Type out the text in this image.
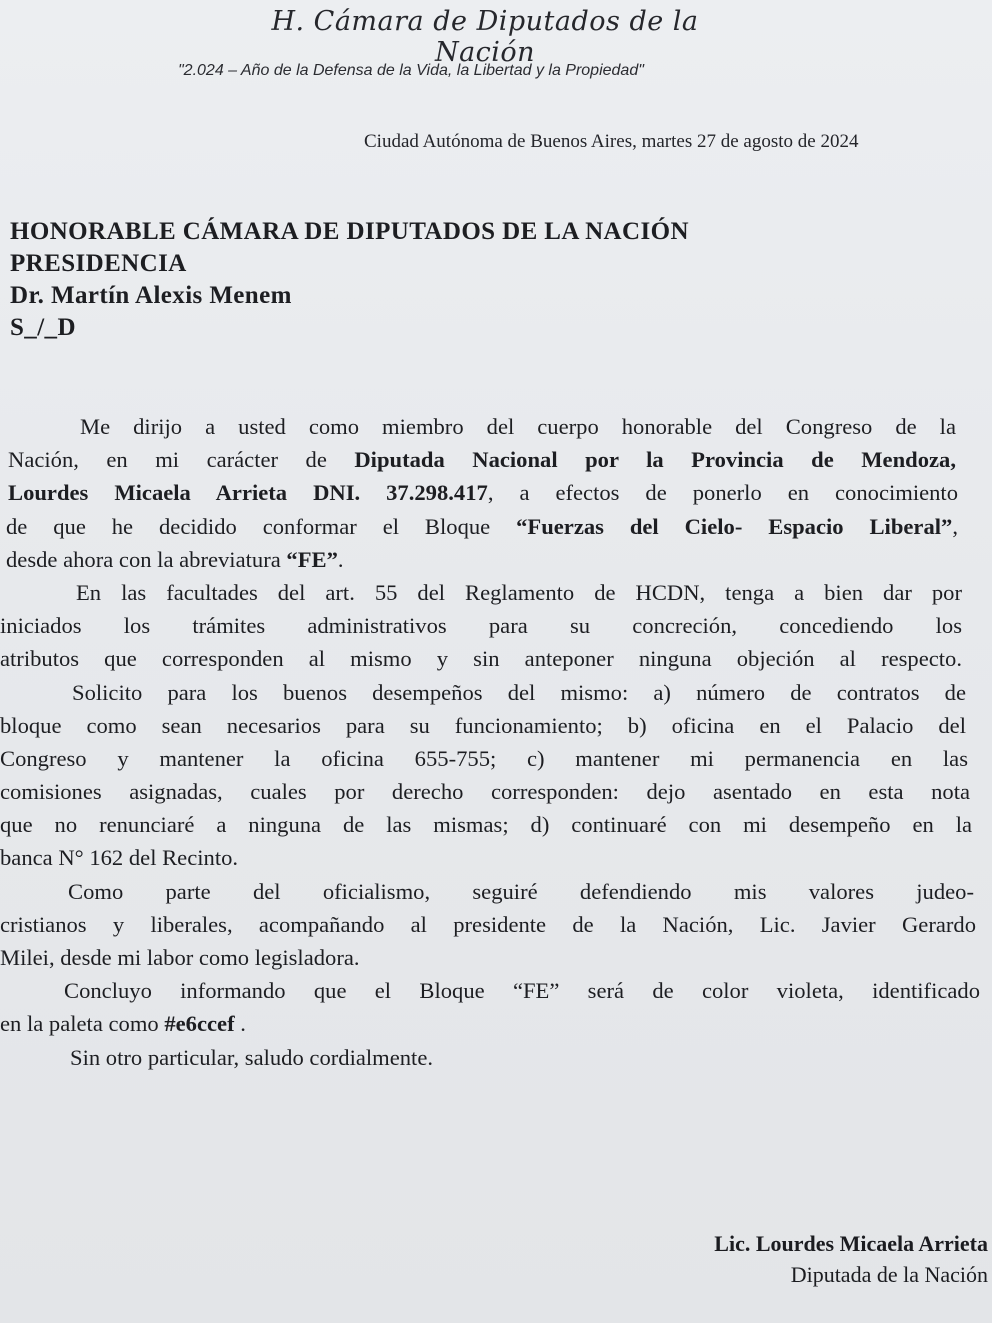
H. Cámara de Diputados de la Nación
"2.024 – Año de la Defensa de la Vida, la Libertad y la Propiedad"
Ciudad Autónoma de Buenos Aires, martes 27 de agosto de 2024
HONORABLE CÁMARA DE DIPUTADOS DE LA NACIÓN
PRESIDENCIA
Dr. Martín Alexis Menem
S_/_D
Me dirijo a usted como miembro del cuerpo honorable del Congreso de la
Nación, en mi carácter de Diputada Nacional por la Provincia de Mendoza,
Lourdes Micaela Arrieta DNI. 37.298.417, a efectos de ponerlo en conocimiento
de que he decidido conformar el Bloque “Fuerzas del Cielo- Espacio Liberal”,
desde ahora con la abreviatura “FE”.
En las facultades del art. 55 del Reglamento de HCDN, tenga a bien dar por
iniciados los trámites administrativos para su concreción, concediendo los
atributos que corresponden al mismo y sin anteponer ninguna objeción al respecto.
Solicito para los buenos desempeños del mismo: a) número de contratos de
bloque como sean necesarios para su funcionamiento; b) oficina en el Palacio del
Congreso y mantener la oficina 655-755; c) mantener mi permanencia en las
comisiones asignadas, cuales por derecho corresponden: dejo asentado en esta nota
que no renunciaré a ninguna de las mismas; d) continuaré con mi desempeño en la
banca N° 162 del Recinto.
Como parte del oficialismo, seguiré defendiendo mis valores judeo-
cristianos y liberales, acompañando al presidente de la Nación, Lic. Javier Gerardo
Milei, desde mi labor como legisladora.
Concluyo informando que el Bloque “FE” será de color violeta, identificado
en la paleta como #e6ccef .
Sin otro particular, saludo cordialmente.
Lic. Lourdes Micaela Arrieta
Diputada de la Nación
